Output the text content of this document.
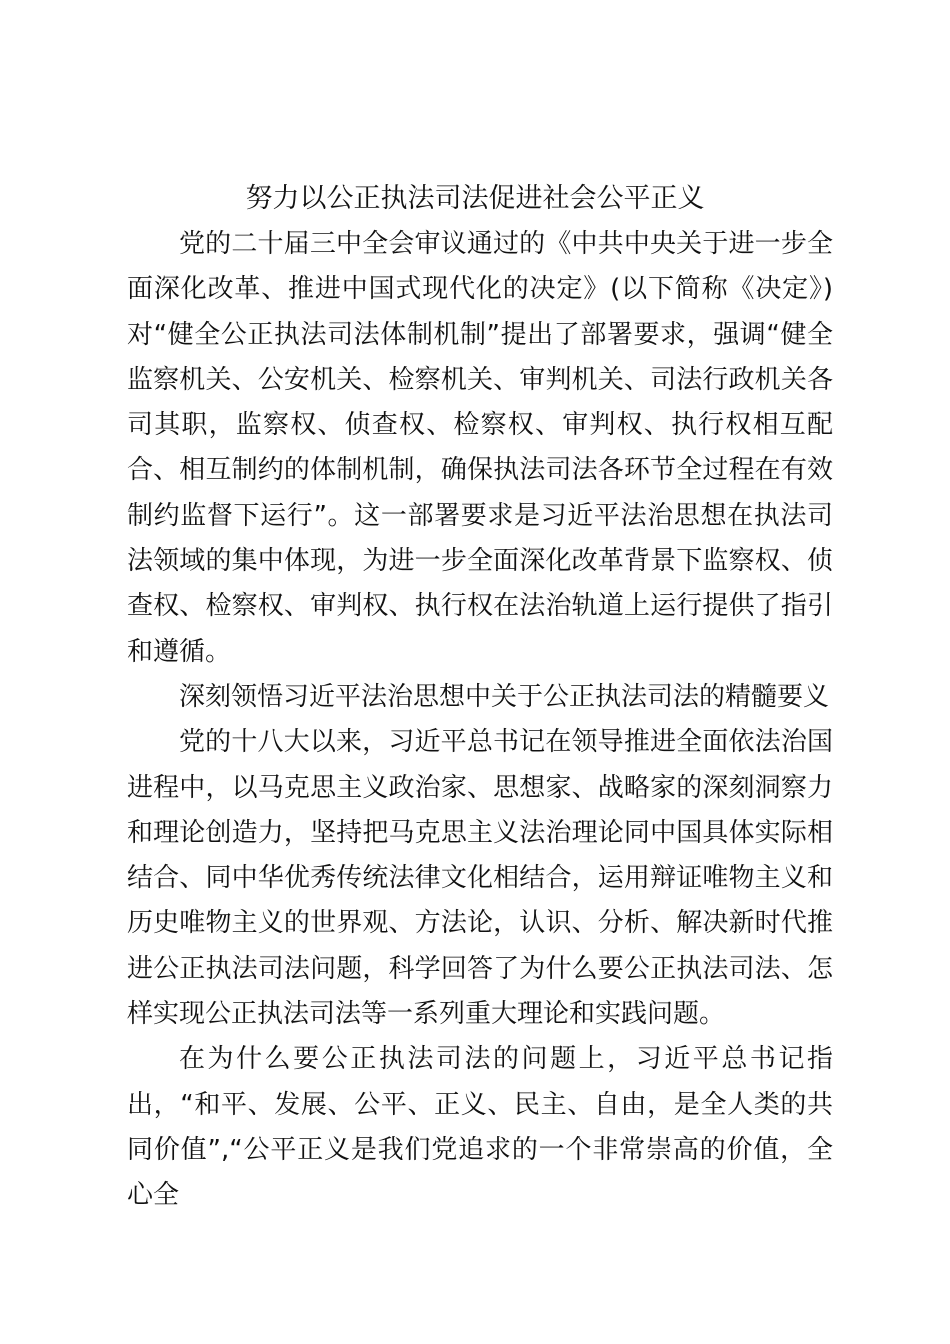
努力以公正执法司法促进社会公平正义

党的二十届三中全会审议通过的《中共中央关于进一步全面深化改革、推进中国式现代化的决定》(以下简称《决定》)对“健全公正执法司法体制机制”提出了部署要求，强调“健全监察机关、公安机关、检察机关、审判机关、司法行政机关各司其职，监察权、侦查权、检察权、审判权、执行权相互配合、相互制约的体制机制，确保执法司法各环节全过程在有效制约监督下运行”。这一部署要求是习近平法治思想在执法司法领域的集中体现，为进一步全面深化改革背景下监察权、侦查权、检察权、审判权、执行权在法治轨道上运行提供了指引和遵循。

深刻领悟习近平法治思想中关于公正执法司法的精髓要义

党的十八大以来，习近平总书记在领导推进全面依法治国进程中，以马克思主义政治家、思想家、战略家的深刻洞察力和理论创造力，坚持把马克思主义法治理论同中国具体实际相结合、同中华优秀传统法律文化相结合，运用辩证唯物主义和历史唯物主义的世界观、方法论，认识、分析、解决新时代推进公正执法司法问题，科学回答了为什么要公正执法司法、怎样实现公正执法司法等一系列重大理论和实践问题。

在为什么要公正执法司法的问题上，习近平总书记指出，“和平、发展、公平、正义、民主、自由，是全人类的共同价值”,“公平正义是我们党追求的一个非常崇高的价值，全心全
